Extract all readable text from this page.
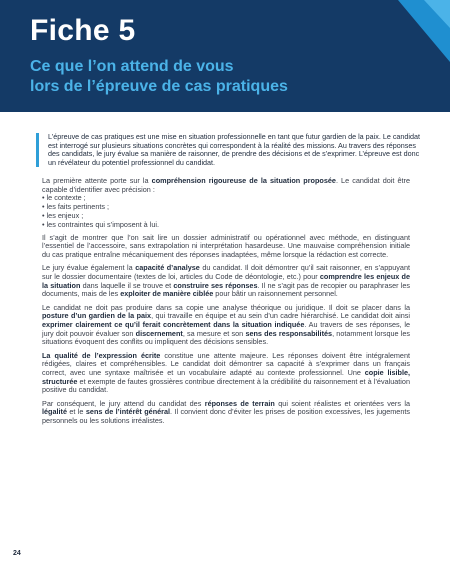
Fiche 5
Ce que l’on attend de vous
lors de l’épreuve de cas pratiques
L’épreuve de cas pratiques est une mise en situation professionnelle en tant que futur gardien de la paix. Le candidat est interrogé sur plusieurs situations concrètes qui correspondent à la réalité des missions. Au travers des réponses des candidats, le jury évalue sa manière de raisonner, de prendre des décisions et de s’exprimer. L’épreuve est donc un révélateur du potentiel professionnel du candidat.

La première attente porte sur la compréhension rigoureuse de la situation proposée. Le candidat doit être capable d’identifier avec précision :

• le contexte ;
• les faits pertinents ;
• les enjeux ;
• les contraintes qui s’imposent à lui.

Il s’agit de montrer que l’on sait lire un dossier administratif ou opérationnel avec méthode, en distinguant l’essentiel de l’accessoire, sans extrapolation ni interprétation hasardeuse. Une mauvaise compréhension initiale du cas pratique entraîne mécaniquement des réponses inadaptées, même lorsque la rédaction est correcte.

Le jury évalue également la capacité d’analyse du candidat. Il doit démontrer qu’il sait raisonner, en s’appuyant sur le dossier documentaire (textes de loi, articles du Code de déontologie, etc.) pour comprendre les enjeux de la situation dans laquelle il se trouve et construire ses réponses. Il ne s’agit pas de recopier ou paraphraser les documents, mais de les exploiter de manière ciblée pour bâtir un raisonnement personnel.

Le candidat ne doit pas produire dans sa copie une analyse théorique ou juridique. Il doit se placer dans la posture d’un gardien de la paix, qui travaille en équipe et au sein d’un cadre hiérarchisé. Le candidat doit ainsi exprimer clairement ce qu’il ferait concrètement dans la situation indiquée. Au travers de ses réponses, le jury doit pouvoir évaluer son discernement, sa mesure et son sens des responsabilités, notamment lorsque les situations évoquent des conflits ou impliquent des décisions sensibles.

La qualité de l’expression écrite constitue une attente majeure. Les réponses doivent être intégralement rédigées, claires et compréhensibles. Le candidat doit démontrer sa capacité à s’exprimer dans un français correct, avec une syntaxe maîtrisée et un vocabulaire adapté au contexte professionnel. Une copie lisible, structurée et exempte de fautes grossières contribue directement à la crédibilité du raisonnement et à l’évaluation positive du candidat.

Par conséquent, le jury attend du candidat des réponses de terrain qui soient réalistes et orientées vers la légalité et le sens de l’intérêt général. Il convient donc d’éviter les prises de position excessives, les jugements personnels ou les solutions irréalistes.

24
